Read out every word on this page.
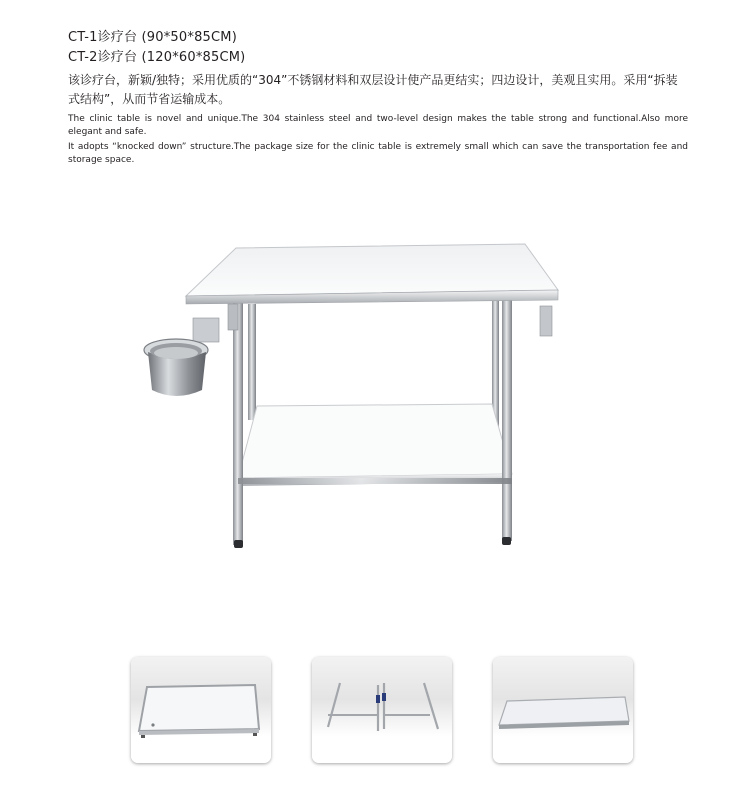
CT-1诊疗台 (90*50*85CM)
CT-2诊疗台 (120*60*85CM)
该诊疗台，新颖/独特；采用优质的“304”不锈钢材料和双层设计使产品更结实；四边设计，美观且实用。采用“拆装式结构”，从而节省运输成本。

The clinic table is novel and unique.The 304 stainless steel and two-level design makes the table strong and functional.Also more elegant and safe.

It adopts “knocked down” structure.The package size for the clinic table is extremely small which can save the transportation fee and storage space.
